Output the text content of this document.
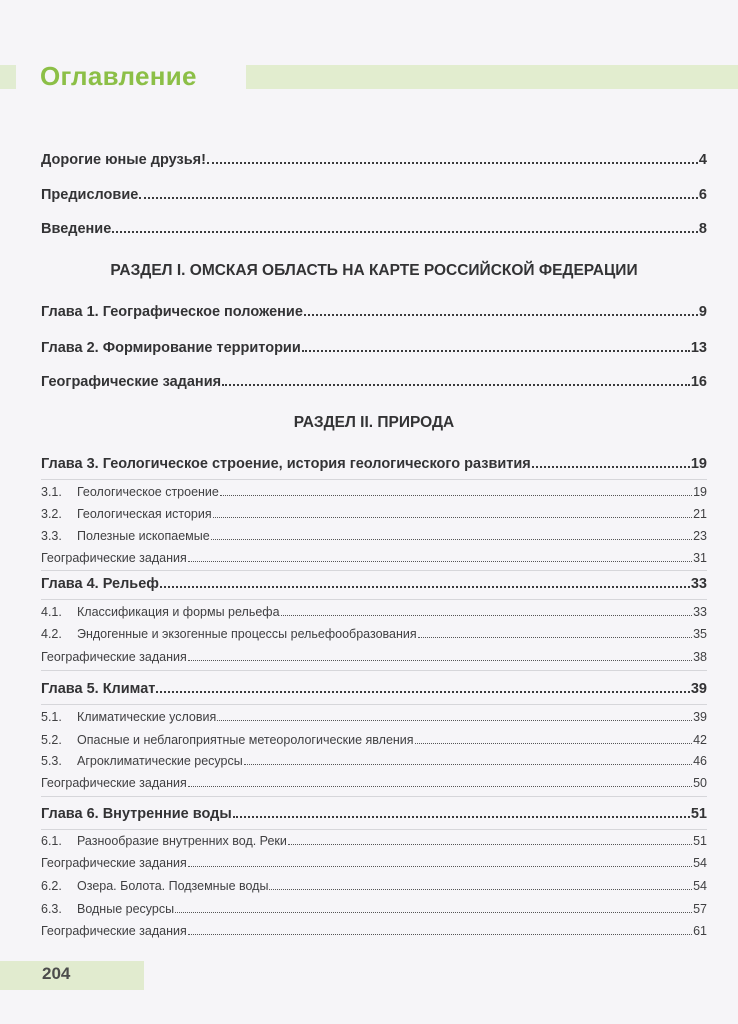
Оглавление
Дорогие юные друзья!	4
Предисловие	6
Введение	8
РАЗДЕЛ I. ОМСКАЯ ОБЛАСТЬ НА КАРТЕ РОССИЙСКОЙ ФЕДЕРАЦИИ
Глава 1. Географическое положение	9
Глава 2. Формирование территории	13
Географические задания	16
РАЗДЕЛ II. ПРИРОДА
Глава 3. Геологическое строение, история геологического развития	19
3.1. Геологическое строение	19
3.2. Геологическая история	21
3.3. Полезные ископаемые	23
Географические задания	31
Глава 4. Рельеф	33
4.1. Классификация и формы рельефа	33
4.2. Эндогенные и экзогенные процессы рельефообразования	35
Географические задания	38
Глава 5. Климат	39
5.1. Климатические условия	39
5.2. Опасные и неблагоприятные метеорологические явления	42
5.3. Агроклиматические ресурсы	46
Географические задания	50
Глава 6. Внутренние воды	51
6.1. Разнообразие внутренних вод. Реки	51
Географические задания	54
6.2. Озера. Болота. Подземные воды	54
6.3. Водные ресурсы	57
Географические задания	61
204
